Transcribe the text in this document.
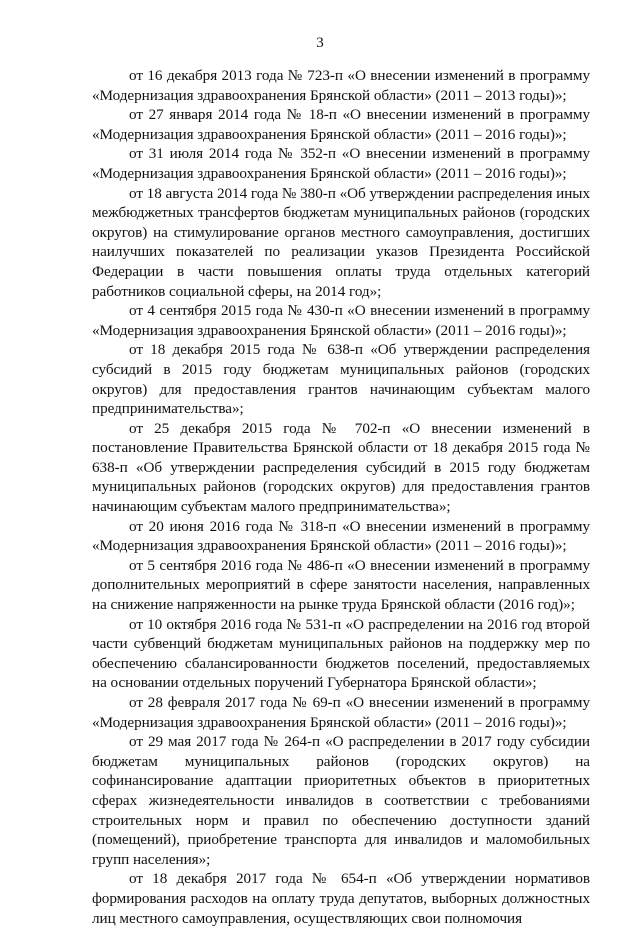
3

от 16 декабря 2013 года № 723-п «О внесении изменений в программу «Модернизация здравоохранения Брянской области» (2011 – 2013 годы)»;

от 27 января 2014 года № 18-п «О внесении изменений в программу «Модернизация здравоохранения Брянской области» (2011 – 2016 годы)»;

от 31 июля 2014 года № 352-п «О внесении изменений в программу «Модернизация здравоохранения Брянской области» (2011 – 2016 годы)»;

от 18 августа 2014 года № 380-п «Об утверждении распределения иных межбюджетных трансфертов бюджетам муниципальных районов (городских округов) на стимулирование органов местного самоуправления, достигших наилучших показателей по реализации указов Президента Российской Федерации в части повышения оплаты труда отдельных категорий работников социальной сферы, на 2014 год»;

от 4 сентября 2015 года № 430-п «О внесении изменений в программу «Модернизация здравоохранения Брянской области» (2011 – 2016 годы)»;

от 18 декабря 2015 года № 638-п «Об утверждении распределения субсидий в 2015 году бюджетам муниципальных районов (городских округов) для предоставления грантов начинающим субъектам малого предпринимательства»;

от 25 декабря 2015 года № 702-п «О внесении изменений в постановление Правительства Брянской области от 18 декабря 2015 года № 638-п «Об утверждении распределения субсидий в 2015 году бюджетам муниципальных районов (городских округов) для предоставления грантов начинающим субъектам малого предпринимательства»;

от 20 июня 2016 года № 318-п «О внесении изменений в программу «Модернизация здравоохранения Брянской области» (2011 – 2016 годы)»;

от 5 сентября 2016 года № 486-п «О внесении изменений в программу дополнительных мероприятий в сфере занятости населения, направленных на снижение напряженности на рынке труда Брянской области (2016 год)»;

от 10 октября 2016 года № 531-п «О распределении на 2016 год второй части субвенций бюджетам муниципальных районов на поддержку мер по обеспечению сбалансированности бюджетов поселений, предоставляемых на основании отдельных поручений Губернатора Брянской области»;

от 28 февраля 2017 года № 69-п «О внесении изменений в программу «Модернизация здравоохранения Брянской области» (2011 – 2016 годы)»;

от 29 мая 2017 года № 264-п «О распределении в 2017 году субсидии бюджетам муниципальных районов (городских округов) на софинансирование адаптации приоритетных объектов в приоритетных сферах жизнедеятельности инвалидов в соответствии с требованиями строительных норм и правил по обеспечению доступности зданий (помещений), приобретение транспорта для инвалидов и маломобильных групп населения»;

от 18 декабря 2017 года № 654-п «Об утверждении нормативов формирования расходов на оплату труда депутатов, выборных должностных лиц местного самоуправления, осуществляющих свои полномочия
